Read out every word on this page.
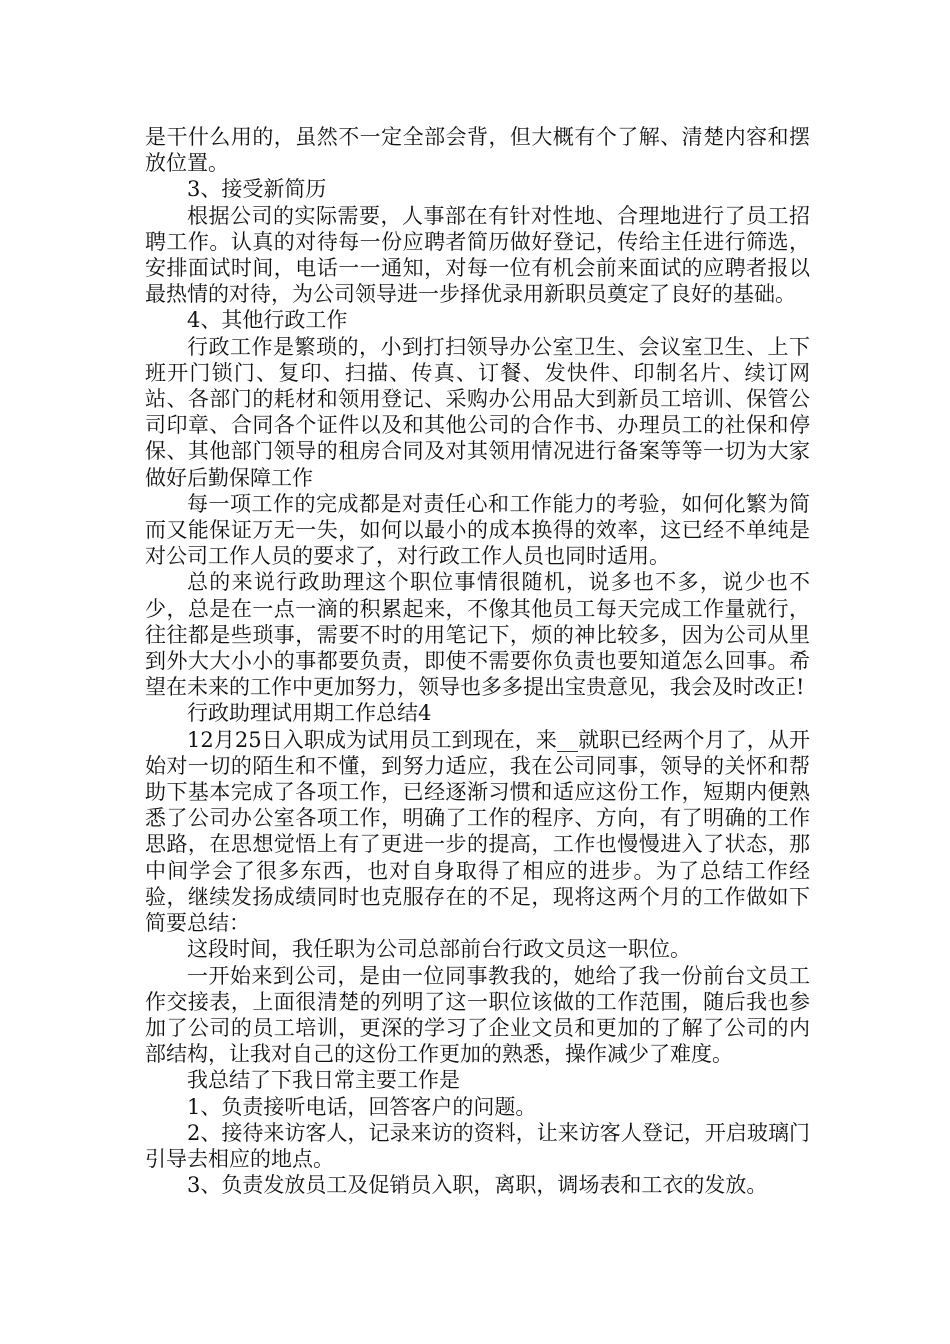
是干什么用的，虽然不一定全部会背，但大概有个了解、清楚内容和摆放位置。

3、接受新简历

根据公司的实际需要，人事部在有针对性地、合理地进行了员工招聘工作。认真的对待每一份应聘者简历做好登记，传给主任进行筛选，安排面试时间，电话一一通知，对每一位有机会前来面试的应聘者报以最热情的对待，为公司领导进一步择优录用新职员奠定了良好的基础。

4、其他行政工作

行政工作是繁琐的，小到打扫领导办公室卫生、会议室卫生、上下班开门锁门、复印、扫描、传真、订餐、发快件、印制名片、续订网站、各部门的耗材和领用登记、采购办公用品大到新员工培训、保管公司印章、合同各个证件以及和其他公司的合作书、办理员工的社保和停保、其他部门领导的租房合同及对其领用情况进行备案等等一切为大家做好后勤保障工作

每一项工作的完成都是对责任心和工作能力的考验，如何化繁为简而又能保证万无一失，如何以最小的成本换得的效率，这已经不单纯是对公司工作人员的要求了，对行政工作人员也同时适用。

总的来说行政助理这个职位事情很随机，说多也不多，说少也不少，总是在一点一滴的积累起来，不像其他员工每天完成工作量就行，往往都是些琐事，需要不时的用笔记下，烦的神比较多，因为公司从里到外大大小小的事都要负责，即使不需要你负责也要知道怎么回事。希望在未来的工作中更加努力，领导也多多提出宝贵意见，我会及时改正!

行政助理试用期工作总结4

12月25日入职成为试用员工到现在，来__就职已经两个月了，从开始对一切的陌生和不懂，到努力适应，我在公司同事，领导的关怀和帮助下基本完成了各项工作，已经逐渐习惯和适应这份工作，短期内便熟悉了公司办公室各项工作，明确了工作的程序、方向，有了明确的工作思路，在思想觉悟上有了更进一步的提高，工作也慢慢进入了状态，那中间学会了很多东西，也对自身取得了相应的进步。为了总结工作经验，继续发扬成绩同时也克服存在的不足，现将这两个月的工作做如下简要总结：

这段时间，我任职为公司总部前台行政文员这一职位。

一开始来到公司，是由一位同事教我的，她给了我一份前台文员工作交接表，上面很清楚的列明了这一职位该做的工作范围，随后我也参加了公司的员工培训，更深的学习了企业文员和更加的了解了公司的内部结构，让我对自己的这份工作更加的熟悉，操作减少了难度。

我总结了下我日常主要工作是

1、负责接听电话，回答客户的问题。

2、接待来访客人，记录来访的资料，让来访客人登记，开启玻璃门引导去相应的地点。

3、负责发放员工及促销员入职，离职，调场表和工衣的发放。
